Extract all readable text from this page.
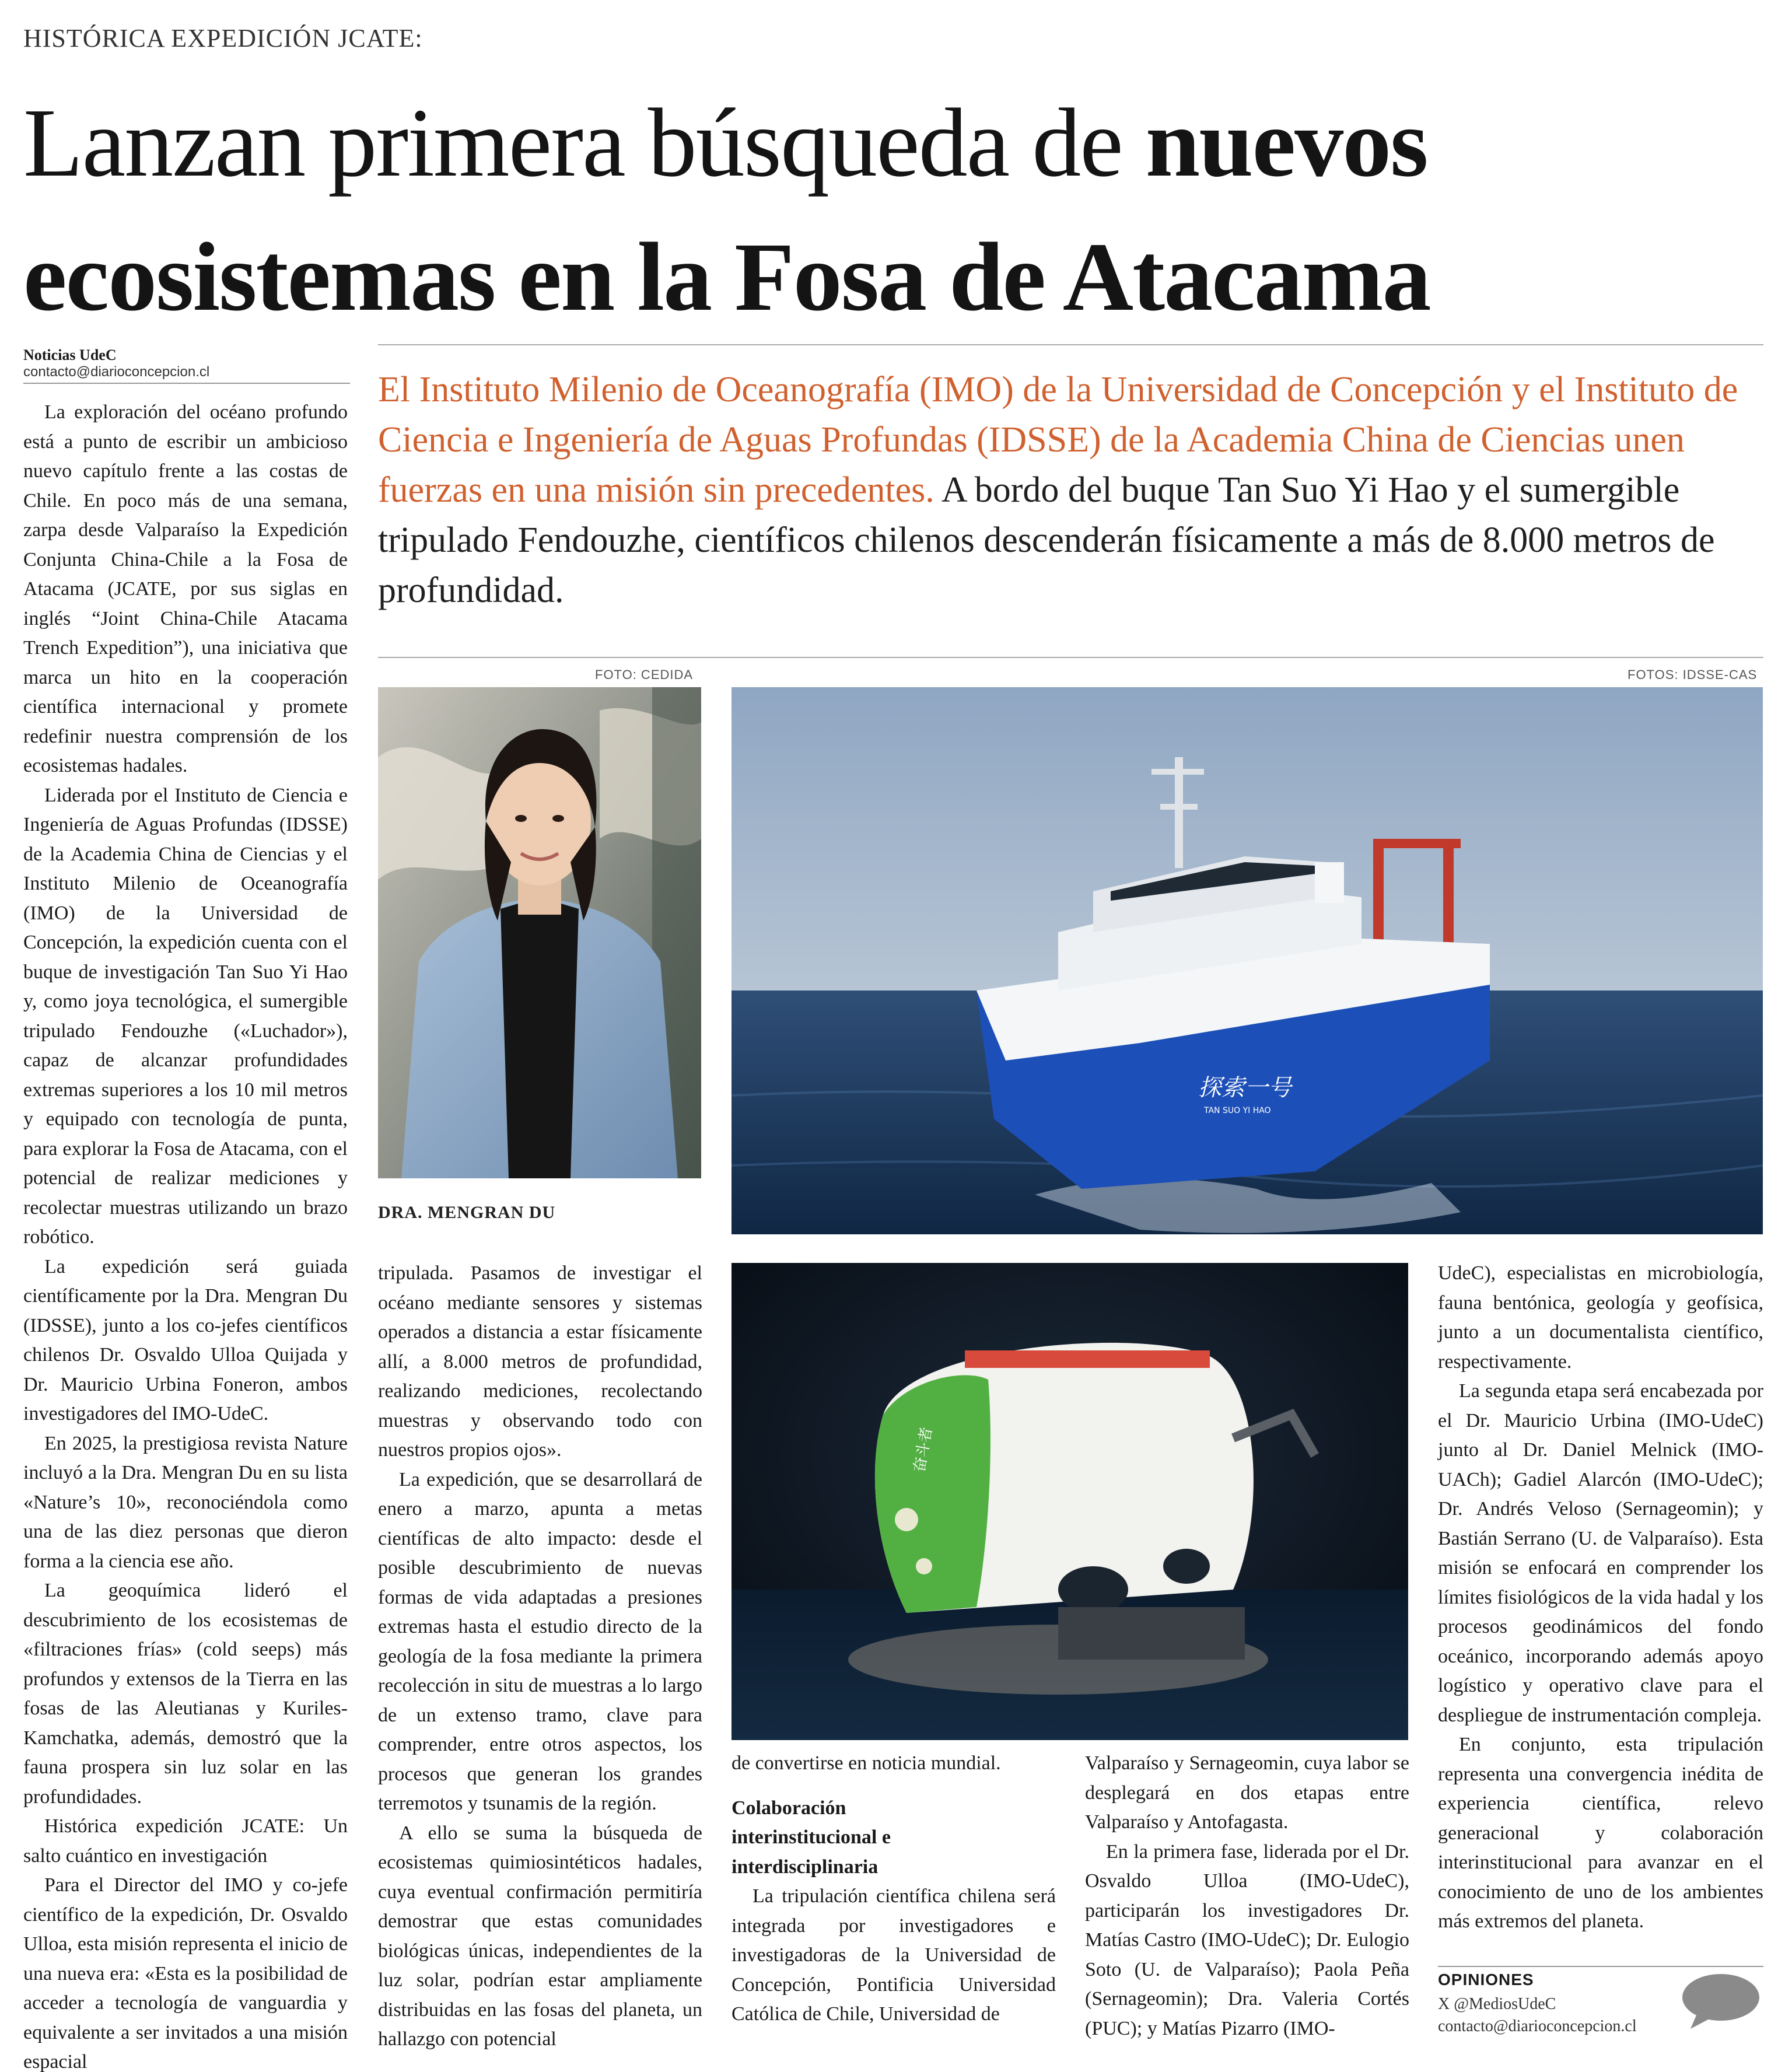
HISTÓRICA EXPEDICIÓN JCATE:
Lanzan primera búsqueda de nuevos
ecosistemas en la Fosa de Atacama
Noticias UdeC
contacto@diarioconcepcion.cl	El Instituto Milenio de Oceanografía (IMO) de la Universidad de Concepción y el Instituto de Ciencia e Ingeniería de Aguas Profundas (IDSSE) de la Academia China de Ciencias unen fuerzas en una misión sin precedentes. A bordo del buque Tan Suo Yi Hao y el sumergible tripulado Fendouzhe, científicos chilenos descenderán físicamente a más de 8.000 metros de profundidad.

La exploración del océano profundo está a punto de escribir un ambicioso nuevo capítulo frente a las costas de Chile. En poco más de una semana, zarpa desde Valparaíso la Expedición Conjunta China-Chile a la Fosa de Atacama (JCATE, por sus siglas en inglés “Joint China-Chile Atacama Trench Expedition”), una iniciativa que marca un hito en la cooperación científica internacional y promete redefinir nuestra comprensión de los ecosistemas hadales.

Liderada por el Instituto de Ciencia e Ingeniería de Aguas Profundas (IDSSE) de la Academia China de Ciencias y el Instituto Milenio de Oceanografía (IMO) de la Universidad de Concepción, la expedición cuenta con el buque de investigación Tan Suo Yi Hao y, como joya tecnológica, el sumergible tripulado Fendouzhe («Luchador»), capaz de alcanzar profundidades extremas superiores a los 10 mil metros y equipado con tecnología de punta, para explorar la Fosa de Atacama, con el potencial de realizar mediciones y recolectar muestras utilizando un brazo robótico.

La expedición será guiada científicamente por la Dra. Mengran Du (IDSSE), junto a los co-jefes científicos chilenos Dr. Osvaldo Ulloa Quijada y Dr. Mauricio Urbina Foneron, ambos investigadores del IMO-UdeC.

En 2025, la prestigiosa revista Nature incluyó a la Dra. Mengran Du en su lista «Nature’s 10», reconociéndola como una de las diez personas que dieron forma a la ciencia ese año.

La geoquímica lideró el descubrimiento de los ecosistemas de «filtraciones frías» (cold seeps) más profundos y extensos de la Tierra en las fosas de las Aleutianas y Kuriles-Kamchatka, además, demostró que la fauna prospera sin luz solar en las profundidades.

Histórica expedición JCATE: Un salto cuántico en investigación

Para el Director del IMO y co-jefe científico de la expedición, Dr. Osvaldo Ulloa, esta misión representa el inicio de una nueva era: «Esta es la posibilidad de acceder a tecnología de vanguardia y equivalente a ser invitados a una misión espacial

FOTO: CEDIDA
DRA. MENGRAN DU
FOTOS: IDSSE-CAS
探索一号
TAN SUO YI HAO
奋斗者

tripulada. Pasamos de investigar el océano mediante sensores y sistemas operados a distancia a estar físicamente allí, a 8.000 metros de profundidad, realizando mediciones, recolectando muestras y observando todo con nuestros propios ojos».

La expedición, que se desarrollará de enero a marzo, apunta a metas científicas de alto impacto: desde el posible descubrimiento de nuevas formas de vida adaptadas a presiones extremas hasta el estudio directo de la geología de la fosa mediante la primera recolección in situ de muestras a lo largo de un extenso tramo, clave para comprender, entre otros aspectos, los procesos que generan los grandes terremotos y tsunamis de la región.

A ello se suma la búsqueda de ecosistemas quimiosintéticos hadales, cuya eventual confirmación permitiría demostrar que estas comunidades biológicas únicas, independientes de la luz solar, podrían estar ampliamente distribuidas en las fosas del planeta, un hallazgo con potencial

de convertirse en noticia mundial.

Colaboración interinstitucional e interdisciplinaria

La tripulación científica chilena será integrada por investigadores e investigadoras de la Universidad de Concepción, Pontificia Universidad Católica de Chile, Universidad de

Valparaíso y Sernageomin, cuya labor se desplegará en dos etapas entre Valparaíso y Antofagasta.

En la primera fase, liderada por el Dr. Osvaldo Ulloa (IMO-UdeC), participarán los investigadores Dr. Matías Castro (IMO-UdeC); Dr. Eulogio Soto (U. de Valparaíso); Paola Peña (Sernageomin); Dra. Valeria Cortés (PUC); y Matías Pizarro (IMO-

UdeC), especialistas en microbiología, fauna bentónica, geología y geofísica, junto a un documentalista científico, respectivamente.

La segunda etapa será encabezada por el Dr. Mauricio Urbina (IMO-UdeC) junto al Dr. Daniel Melnick (IMO-UACh); Gadiel Alarcón (IMO-UdeC); Dr. Andrés Veloso (Sernageomin); y Bastián Serrano (U. de Valparaíso). Esta misión se enfocará en comprender los límites fisiológicos de la vida hadal y los procesos geodinámicos del fondo oceánico, incorporando además apoyo logístico y operativo clave para el despliegue de instrumentación compleja.

En conjunto, esta tripulación representa una convergencia inédita de experiencia científica, relevo generacional y colaboración interinstitucional para avanzar en el conocimiento de uno de los ambientes más extremos del planeta.

OPINIONES
X @MediosUdeC
contacto@diarioconcepcion.cl
